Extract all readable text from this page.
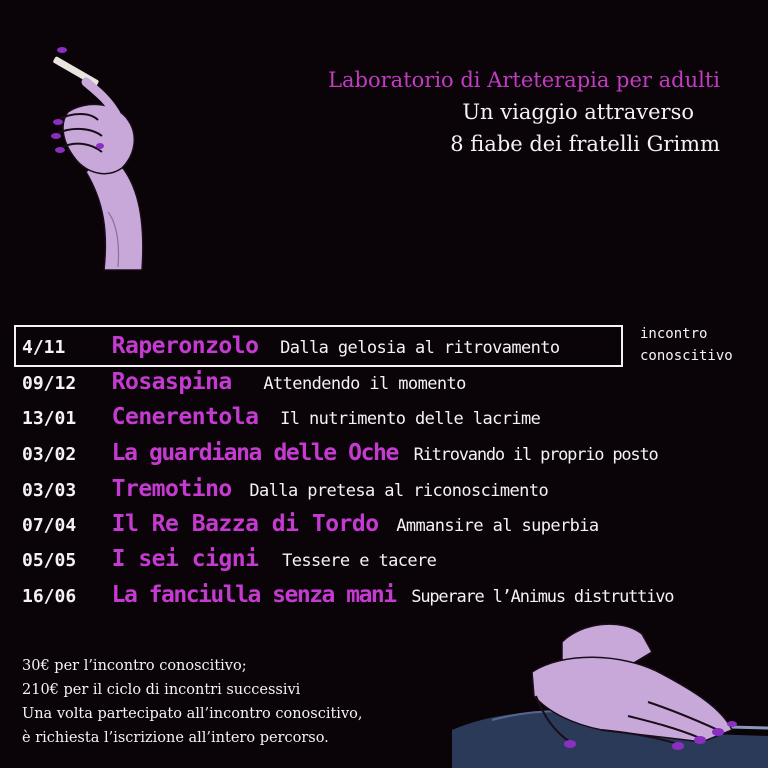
Laboratorio di Arteterapia per adulti
Un viaggio attraverso
8 fiabe dei fratelli Grimm
incontro
conoscitivo
4/11 Raperonzolo Dalla gelosia al ritrovamento
09/12 Rosaspina Attendendo il momento
13/01 Cenerentola Il nutrimento delle lacrime
03/02 La guardiana delle Oche Ritrovando il proprio posto
03/03 Tremotino Dalla pretesa al riconoscimento
07/04 Il Re Bazza di Tordo Ammansire al superbia
05/05 I sei cigni Tessere e tacere
16/06 La fanciulla senza mani Superare l’Animus distruttivo
30€ per l’incontro conoscitivo;
210€ per il ciclo di incontri successivi
Una volta partecipato all’incontro conoscitivo,
è richiesta l’iscrizione all’intero percorso.
